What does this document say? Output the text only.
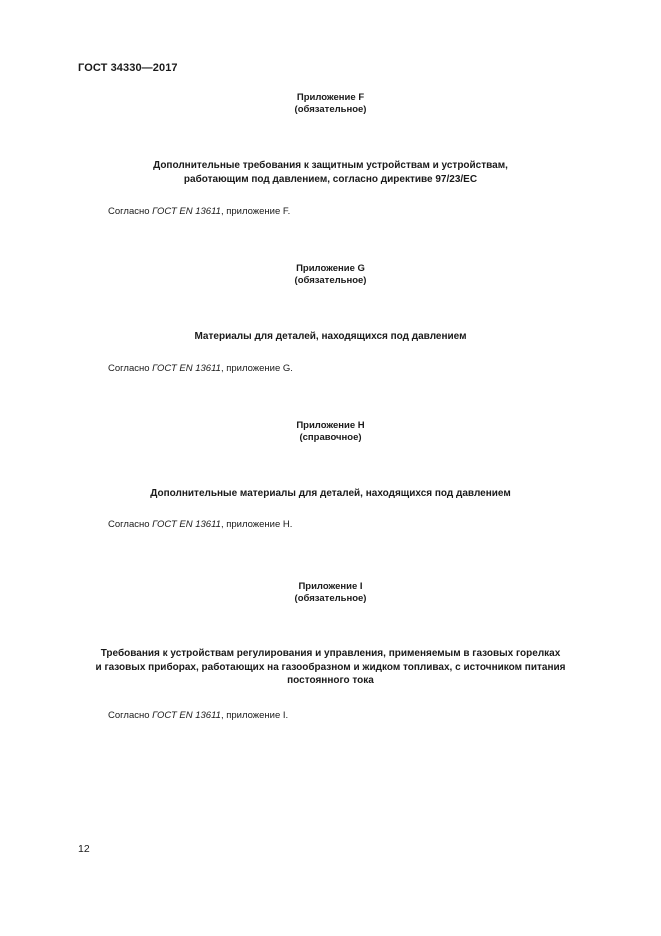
ГОСТ 34330—2017
Приложение F
(обязательное)
Дополнительные требования к защитным устройствам и устройствам,
работающим под давлением, согласно директиве 97/23/ЕС
Согласно ГОСТ EN 13611, приложение F.
Приложение G
(обязательное)
Материалы для деталей, находящихся под давлением
Согласно ГОСТ EN 13611, приложение G.
Приложение H
(справочное)
Дополнительные материалы для деталей, находящихся под давлением
Согласно ГОСТ EN 13611, приложение H.
Приложение I
(обязательное)
Требования к устройствам регулирования и управления, применяемым в газовых горелках
и газовых приборах, работающих на газообразном и жидком топливах, с источником питания
постоянного тока
Согласно ГОСТ EN 13611, приложение I.
12
